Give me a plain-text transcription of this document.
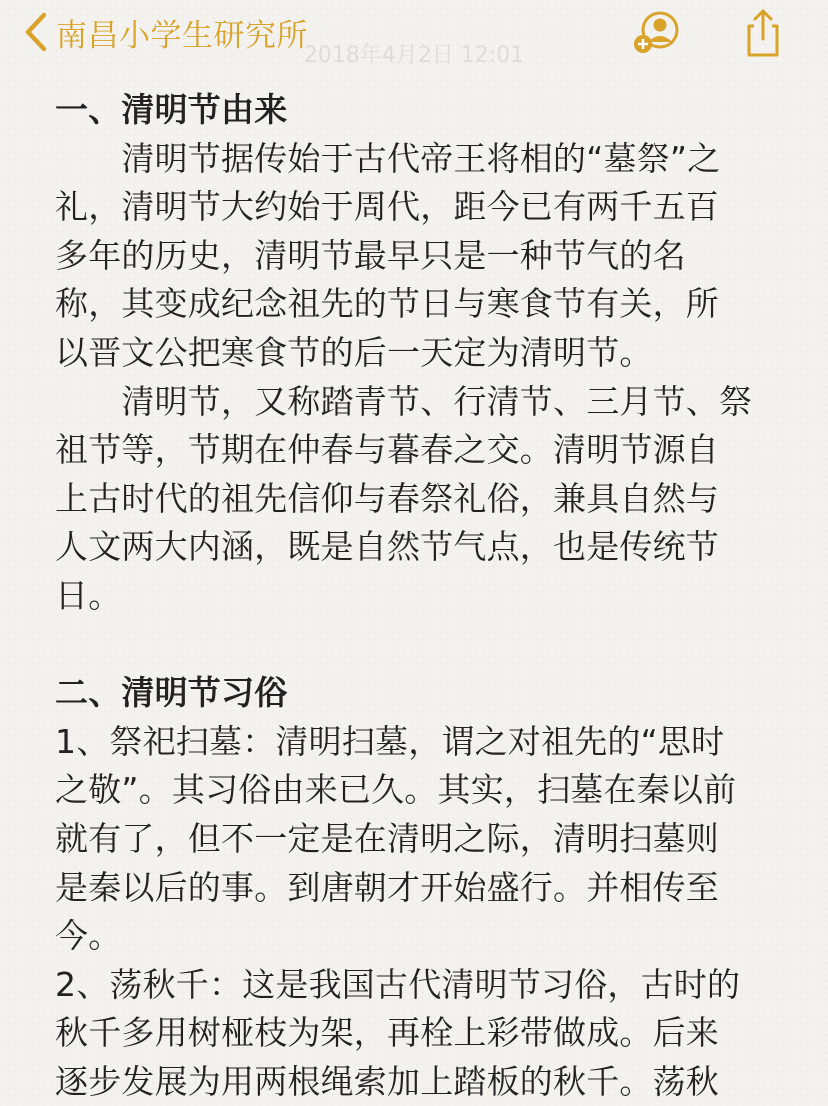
南昌小学生研究所
2018年4月2日 12:01

一、清明节由来

　　清明节据传始于古代帝王将相的“墓祭”之

礼，清明节大约始于周代，距今已有两千五百

多年的历史，清明节最早只是一种节气的名

称，其变成纪念祖先的节日与寒食节有关，所

以晋文公把寒食节的后一天定为清明节。

　　清明节，又称踏青节、行清节、三月节、祭

祖节等，节期在仲春与暮春之交。清明节源自

上古时代的祖先信仰与春祭礼俗，兼具自然与

人文两大内涵，既是自然节气点，也是传统节

日。

二、清明节习俗

1、祭祀扫墓：清明扫墓，谓之对祖先的“思时

之敬”。其习俗由来已久。其实，扫墓在秦以前

就有了，但不一定是在清明之际，清明扫墓则

是秦以后的事。到唐朝才开始盛行。并相传至

今。

2、荡秋千：这是我国古代清明节习俗，古时的

秋千多用树桠枝为架，再栓上彩带做成。后来

逐步发展为用两根绳索加上踏板的秋千。荡秋
